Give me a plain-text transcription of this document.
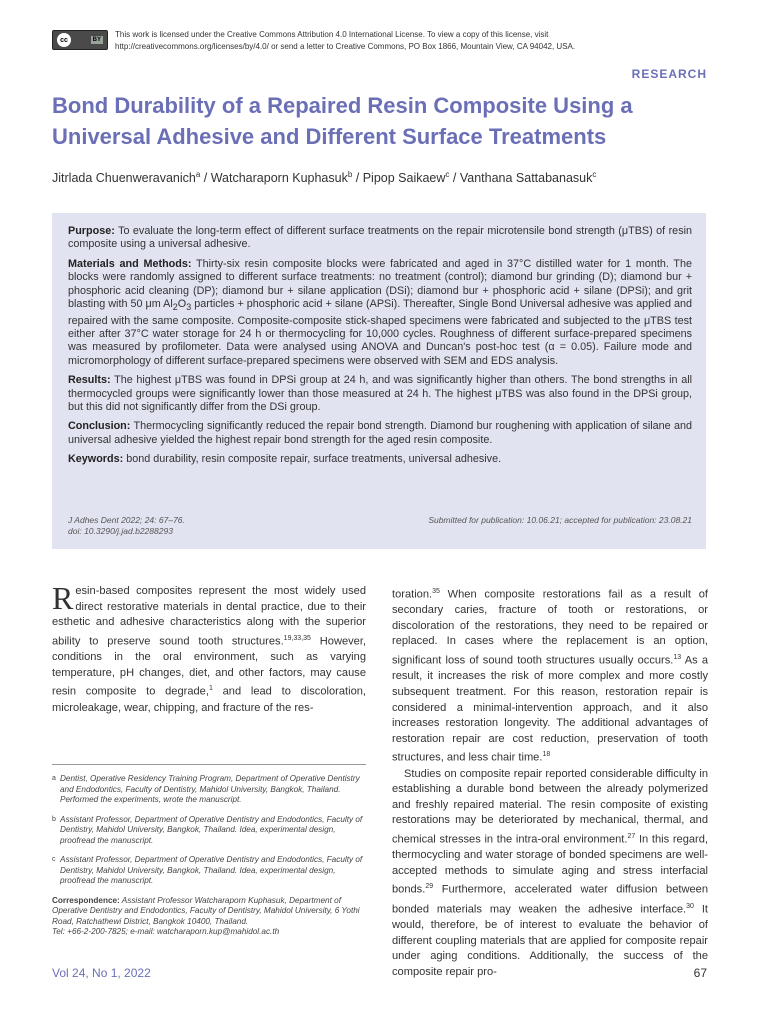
cc	BY
This work is licensed under the Creative Commons Attribution 4.0 International License. To view a copy of this license, visit
http://creativecommons.org/licenses/by/4.0/ or send a letter to Creative Commons, PO Box 1866, Mountain View, CA 94042, USA.
RESEARCH
Bond Durability of a Repaired Resin Composite Using a Universal Adhesive and Different Surface Treatments
Jitrlada Chuenweravanich$^a$ / Watcharaporn Kuphasuk$^b$ / Pipop Saikaew$^c$ / Vanthana Sattabanasuk$^c$

Purpose: To evaluate the long-term effect of different surface treatments on the repair microtensile bond strength (μTBS) of resin composite using a universal adhesive.

Materials and Methods: Thirty-six resin composite blocks were fabricated and aged in 37°C distilled water for 1 month. The blocks were randomly assigned to different surface treatments: no treatment (control); diamond bur grinding (D); diamond bur + phosphoric acid cleaning (DP); diamond bur + silane application (DSi); diamond bur + phosphoric acid + silane (DPSi); and grit blasting with 50 μm $Al_2O_3$ particles + phosphoric acid + silane (APSi). Thereafter, Single Bond Universal adhesive was applied and repaired with the same composite. Composite-composite stick-shaped specimens were fabricated and subjected to the μTBS test either after 37°C water storage for 24 h or thermocycling for 10,000 cycles. Roughness of different surface-prepared specimens was measured by profilometer. Data were analysed using ANOVA and Duncan's post-hoc test (α = 0.05). Failure mode and micromorphology of different surface-prepared specimens were observed with SEM and EDS analysis.

Results: The highest μTBS was found in DPSi group at 24 h, and was significantly higher than others. The bond strengths in all thermocycled groups were significantly lower than those measured at 24 h. The highest μTBS was also found in the DPSi group, but this did not significantly differ from the DSi group.

Conclusion: Thermocycling significantly reduced the repair bond strength. Diamond bur roughening with application of silane and universal adhesive yielded the highest repair bond strength for the aged resin composite.

Keywords: bond durability, resin composite repair, surface treatments, universal adhesive.

J Adhes Dent 2022; 24: 67–76.
doi: 10.3290/j.jad.b2288293
Submitted for publication: 10.06.21; accepted for publication: 23.08.21

Resin-based composites represent the most widely used direct restorative materials in dental practice, due to their esthetic and adhesive characteristics along with the superior ability to preserve sound tooth structures.$^{19,33,35}$ However, conditions in the oral environment, such as varying temperature, pH changes, diet, and other factors, may cause resin composite to degrade,$^1$ and lead to discoloration, microleakage, wear, chipping, and fracture of the res-

a Dentist, Operative Residency Training Program, Department of Operative Dentistry and Endodontics, Faculty of Dentistry, Mahidol University, Bangkok, Thailand. Performed the experiments, wrote the manuscript.
b Assistant Professor, Department of Operative Dentistry and Endodontics, Faculty of Dentistry, Mahidol University, Bangkok, Thailand. Idea, experimental design, proofread the manuscript.
c Assistant Professor, Department of Operative Dentistry and Endodontics, Faculty of Dentistry, Mahidol University, Bangkok, Thailand. Idea, experimental design, proofread the manuscript.
Correspondence: Assistant Professor Watcharaporn Kuphasuk, Department of Operative Dentistry and Endodontics, Faculty of Dentistry, Mahidol University, 6 Yothi Road, Ratchathewi District, Bangkok 10400, Thailand.
Tel: +66-2-200-7825; e-mail: watcharaporn.kup@mahidol.ac.th

toration.$^{35}$ When composite restorations fail as a result of secondary caries, fracture of tooth or restorations, or discoloration of the restorations, they need to be repaired or replaced. In cases where the replacement is an option, significant loss of sound tooth structures usually occurs.$^{13}$ As a result, it increases the risk of more complex and more costly subsequent treatment. For this reason, restoration repair is considered a minimal-intervention approach, and it also increases restoration longevity. The additional advantages of restoration repair are cost reduction, preservation of tooth structures, and less chair time.$^{18}$

Studies on composite repair reported considerable difficulty in establishing a durable bond between the already polymerized and freshly repaired material. The resin composite of existing restorations may be deteriorated by mechanical, thermal, and chemical stresses in the intra-oral environment.$^{27}$ In this regard, thermocycling and water storage of bonded specimens are well-accepted methods to simulate aging and stress interfacial bonds.$^{29}$ Furthermore, accelerated water diffusion between bonded materials may weaken the adhesive interface.$^{30}$ It would, therefore, be of interest to evaluate the behavior of different coupling materials that are applied for composite repair under aging conditions. Additionally, the success of the composite repair pro-

Vol 24, No 1, 2022	67
